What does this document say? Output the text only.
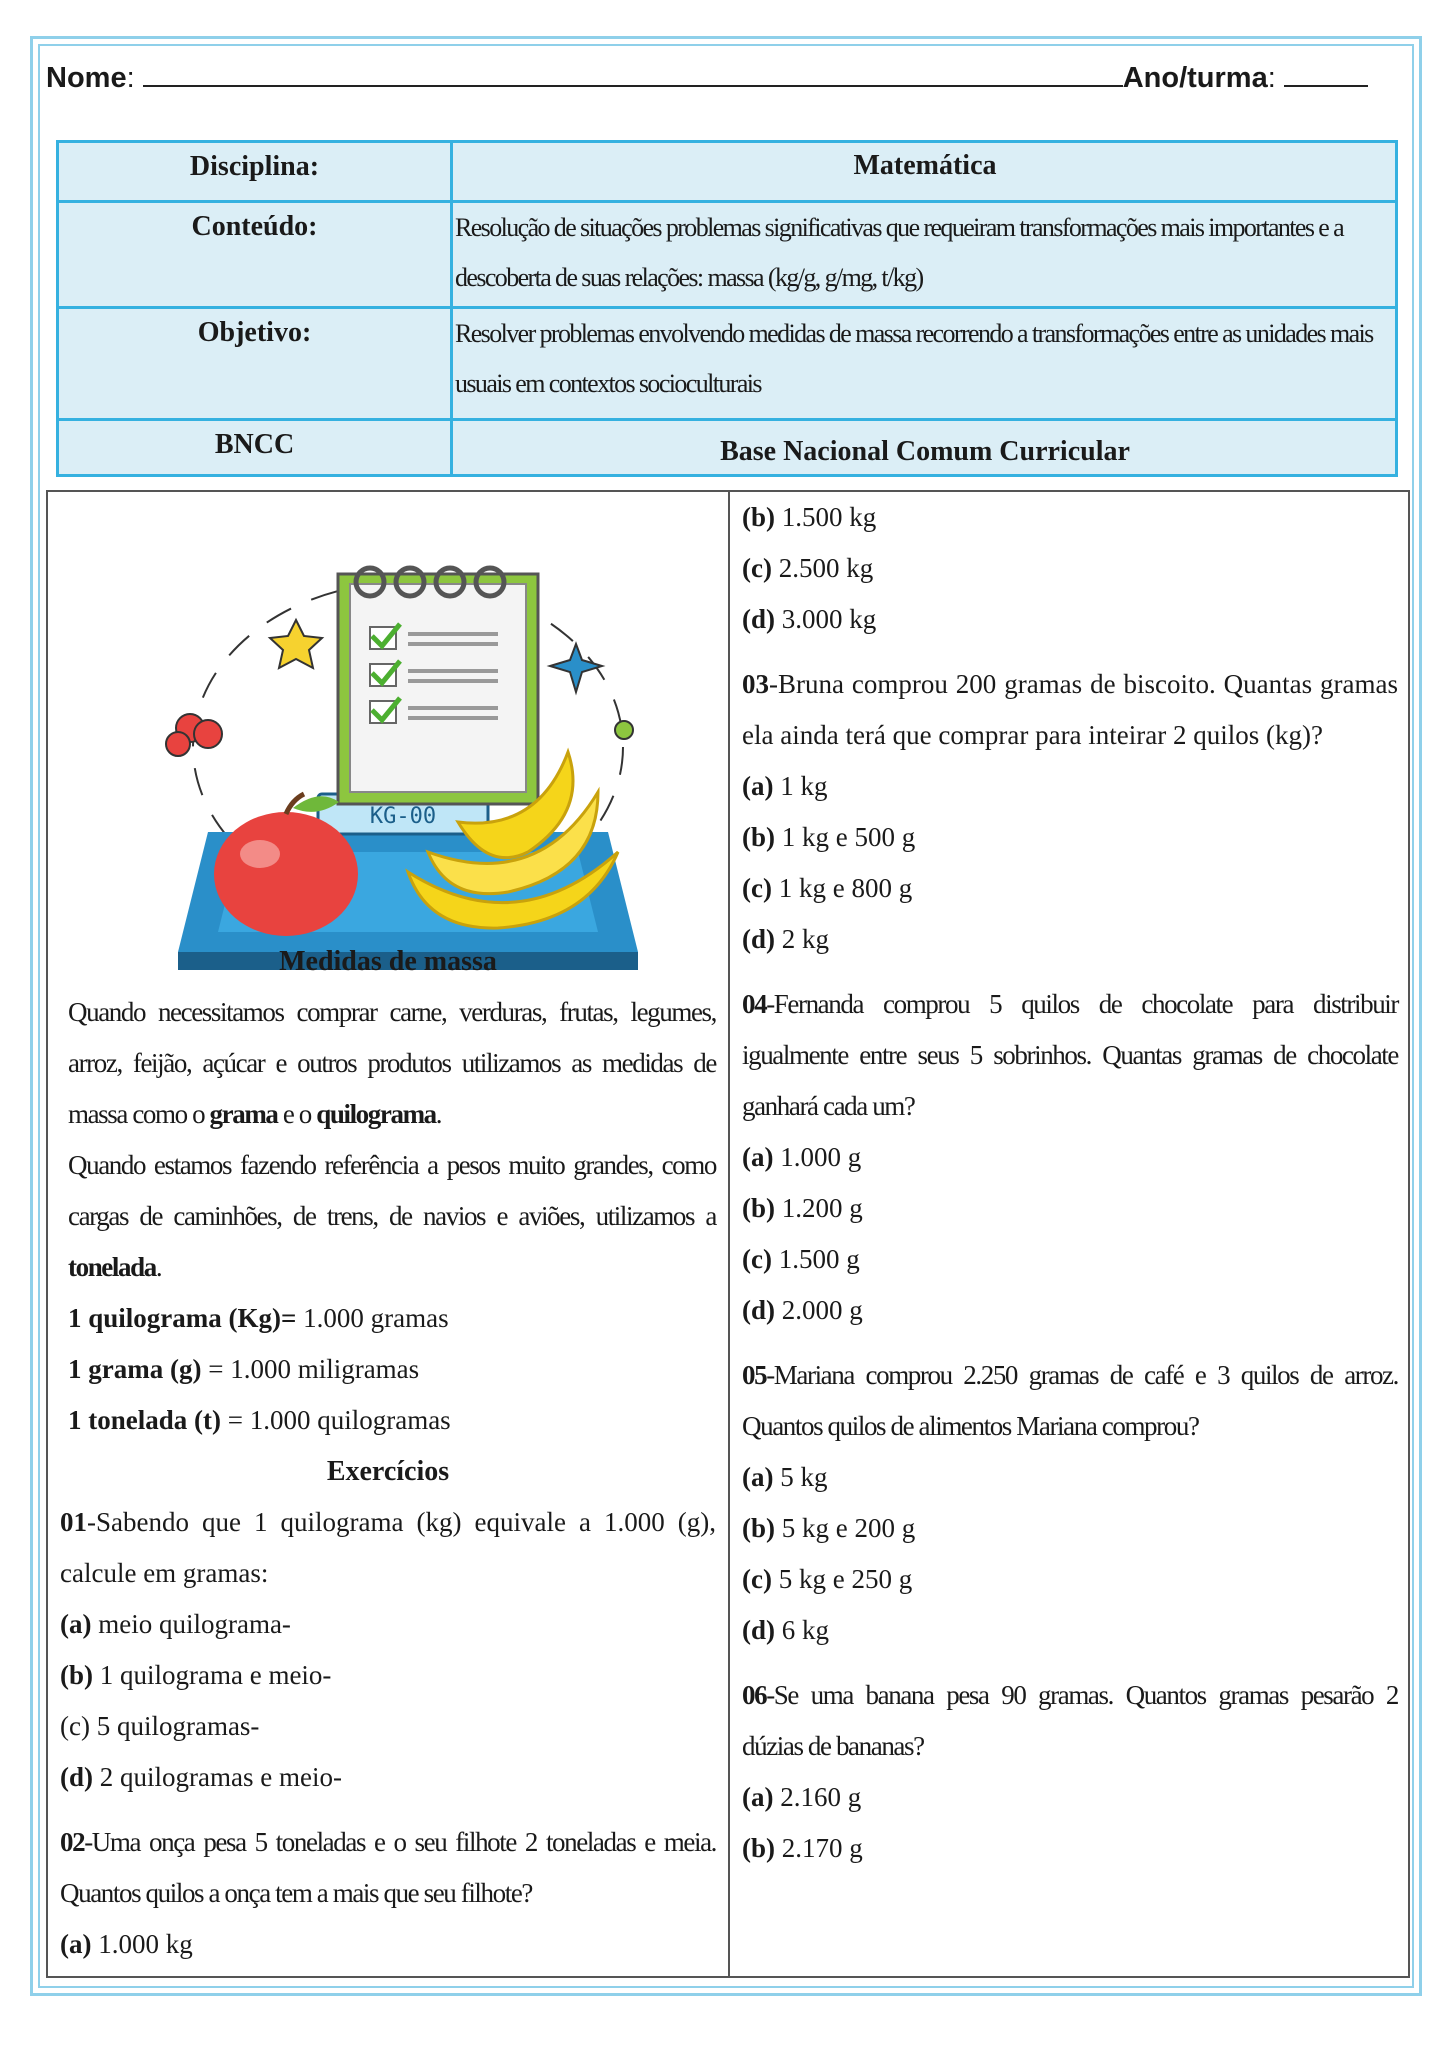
Nome:	Ano/turma:
Disciplina:	Matemática
Conteúdo:	Resolução de situações problemas significativas que requeiram transformações mais importantes e a descoberta de suas relações: massa (kg/g, g/mg, t/kg)
Objetivo:	Resolver problemas envolvendo medidas de massa recorrendo a transformações entre as unidades mais usuais em contextos socioculturais
BNCC	Base Nacional Comum Curricular
KG-00
Medidas de massa

Quando necessitamos comprar carne, verduras, frutas, legumes, arroz, feijão, açúcar e outros produtos utilizamos as medidas de massa como o grama e o quilograma.

Quando estamos fazendo referência a pesos muito grandes, como cargas de caminhões, de trens, de navios e aviões, utilizamos a tonelada.

1 quilograma (Kg)= 1.000 gramas

1 grama (g) = 1.000 miligramas

1 tonelada (t) = 1.000 quilogramas

Exercícios

01-Sabendo que 1 quilograma (kg) equivale a 1.000 (g), calcule em gramas:

(a) meio quilograma-

(b) 1 quilograma e meio-

(c) 5 quilogramas-

(d) 2 quilogramas e meio-

02-Uma onça pesa 5 toneladas e o seu filhote 2 toneladas e meia. Quantos quilos a onça tem a mais que seu filhote?

(a) 1.000 kg

(b) 1.500 kg

(c) 2.500 kg

(d) 3.000 kg

03-Bruna comprou 200 gramas de biscoito. Quantas gramas ela ainda terá que comprar para inteirar 2 quilos (kg)?

(a) 1 kg

(b) 1 kg e 500 g

(c) 1 kg e 800 g

(d) 2 kg

04-Fernanda comprou 5 quilos de chocolate para distribuir igualmente entre seus 5 sobrinhos. Quantas gramas de chocolate ganhará cada um?

(a) 1.000 g

(b) 1.200 g

(c) 1.500 g

(d) 2.000 g

05-Mariana comprou 2.250 gramas de café e 3 quilos de arroz. Quantos quilos de alimentos Mariana comprou?

(a) 5 kg

(b) 5 kg e 200 g

(c) 5 kg e 250 g

(d) 6 kg

06-Se uma banana pesa 90 gramas. Quantos gramas pesarão 2 dúzias de bananas?

(a) 2.160 g

(b) 2.170 g
